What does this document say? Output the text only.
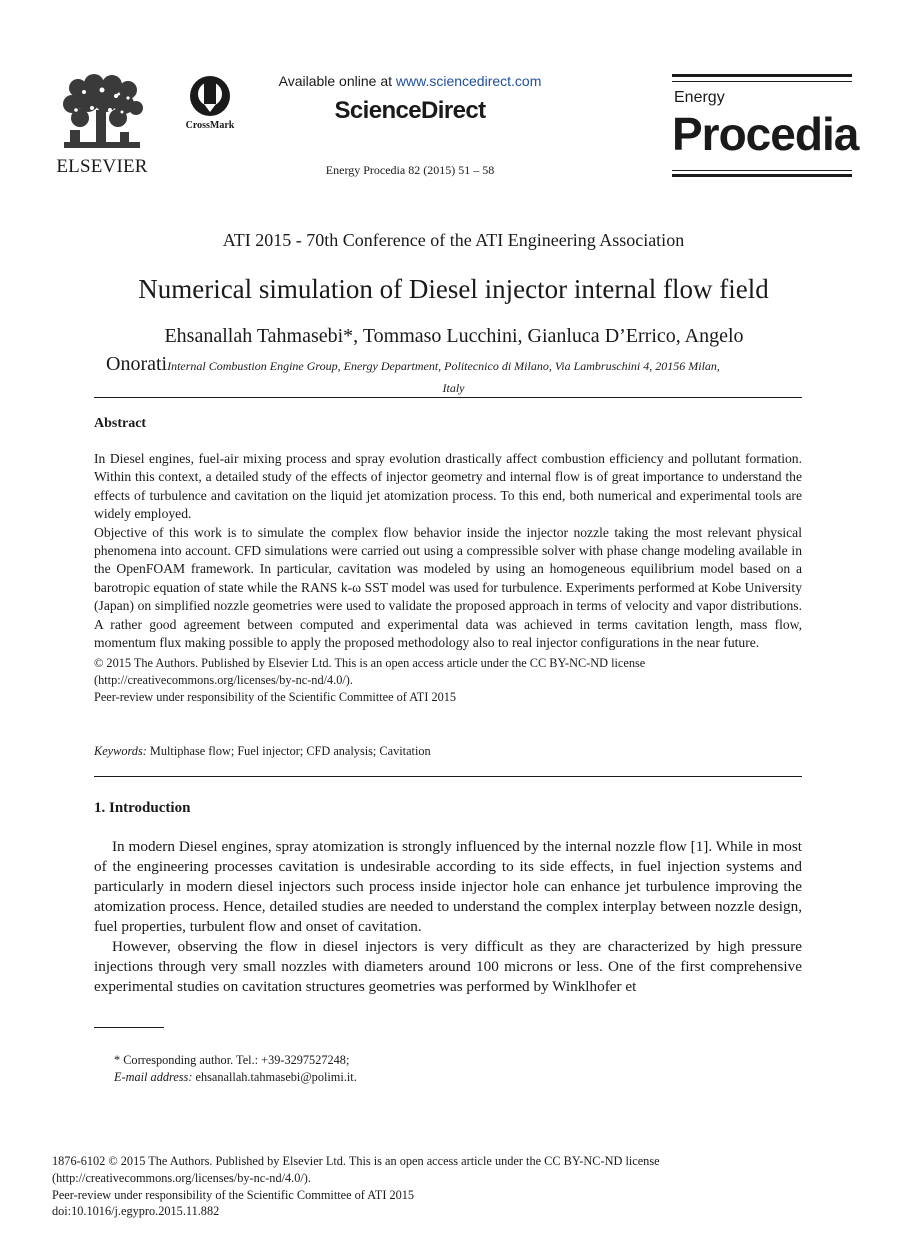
ELSEVIER
CrossMark
Available online at www.sciencedirect.com
ScienceDirect
Energy Procedia 82 (2015) 51 – 58
Energy
Procedia
ATI 2015 - 70th Conference of the ATI Engineering Association
Numerical simulation of Diesel injector internal flow field
Ehsanallah Tahmasebi*, Tommaso Lucchini, Gianluca D’Errico, Angelo
OnoratiInternal Combustion Engine Group, Energy Department, Politecnico di Milano, Via Lambruschini 4, 20156 Milan,
Italy
Abstract

In Diesel engines, fuel-air mixing process and spray evolution drastically affect combustion efficiency and pollutant formation. Within this context, a detailed study of the effects of injector geometry and internal flow is of great importance to understand the effects of turbulence and cavitation on the liquid jet atomization process. To this end, both numerical and experimental tools are widely employed.

Objective of this work is to simulate the complex flow behavior inside the injector nozzle taking the most relevant physical phenomena into account. CFD simulations were carried out using a compressible solver with phase change modeling available in the OpenFOAM framework. In particular, cavitation was modeled by using an homogeneous equilibrium model based on a barotropic equation of state while the RANS k-ω SST model was used for turbulence. Experiments performed at Kobe University (Japan) on simplified nozzle geometries were used to validate the proposed approach in terms of velocity and vapor distributions. A rather good agreement between computed and experimental data was achieved in terms cavitation length, mass flow, momentum flux making possible to apply the proposed methodology also to real injector configurations in the near future.

© 2015 The Authors. Published by Elsevier Ltd. This is an open access article under the CC BY-NC-ND license
(http://creativecommons.org/licenses/by-nc-nd/4.0/).
Peer-review under responsibility of the Scientific Committee of ATI 2015
Keywords: Multiphase flow; Fuel injector; CFD analysis; Cavitation
1. Introduction

In modern Diesel engines, spray atomization is strongly influenced by the internal nozzle flow [1]. While in most of the engineering processes cavitation is undesirable according to its side effects, in fuel injection systems and particularly in modern diesel injectors such process inside injector hole can enhance jet turbulence improving the atomization process. Hence, detailed studies are needed to understand the complex interplay between nozzle design, fuel properties, turbulent flow and onset of cavitation.

However, observing the flow in diesel injectors is very difficult as they are characterized by high pressure injections through very small nozzles with diameters around 100 microns or less. One of the first comprehensive experimental studies on cavitation structures geometries was performed by Winklhofer et

* Corresponding author. Tel.: +39-3297527248;
E-mail address: ehsanallah.tahmasebi@polimi.it.
1876-6102 © 2015 The Authors. Published by Elsevier Ltd. This is an open access article under the CC BY-NC-ND license
(http://creativecommons.org/licenses/by-nc-nd/4.0/).
Peer-review under responsibility of the Scientific Committee of ATI 2015
doi:10.1016/j.egypro.2015.11.882
